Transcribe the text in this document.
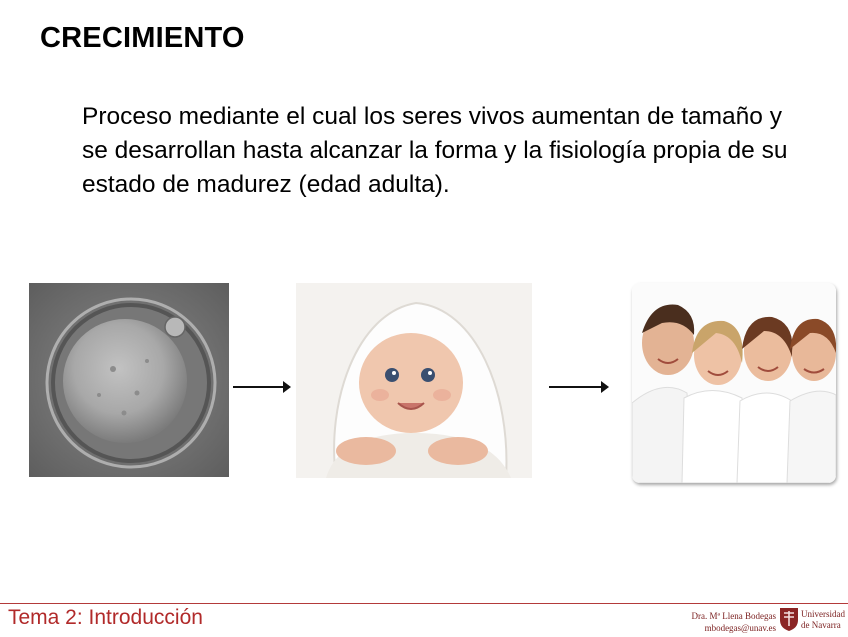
CRECIMIENTO
Proceso mediante el cual los seres vivos aumentan de tamaño y se desarrollan hasta alcanzar la forma y la fisiología propia de su estado de madurez (edad adulta).
Tema 2: Introducción	Dra. Mª Llena Bodegas
mbodegas@unav.es
Universidad
de Navarra
